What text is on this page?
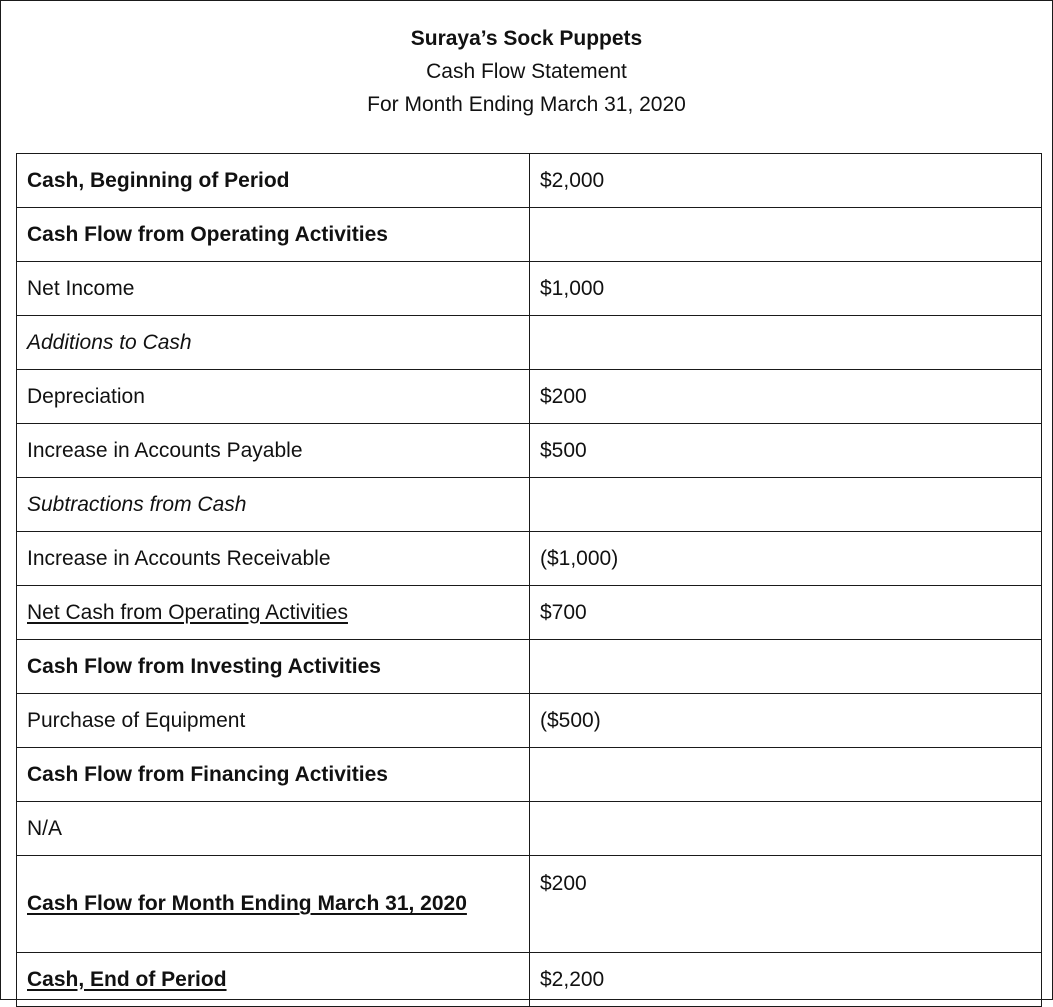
Suraya’s Sock Puppets
Cash Flow Statement
For Month Ending March 31, 2020
Cash, Beginning of Period	$2,000
Cash Flow from Operating Activities	
Net Income	$1,000
Additions to Cash	
Depreciation	$200
Increase in Accounts Payable	$500
Subtractions from Cash	
Increase in Accounts Receivable	($1,000)
Net Cash from Operating Activities	$700
Cash Flow from Investing Activities	
Purchase of Equipment	($500)
Cash Flow from Financing Activities	
N/A	
Cash Flow for Month Ending March 31, 2020	$200
Cash, End of Period	$2,200
